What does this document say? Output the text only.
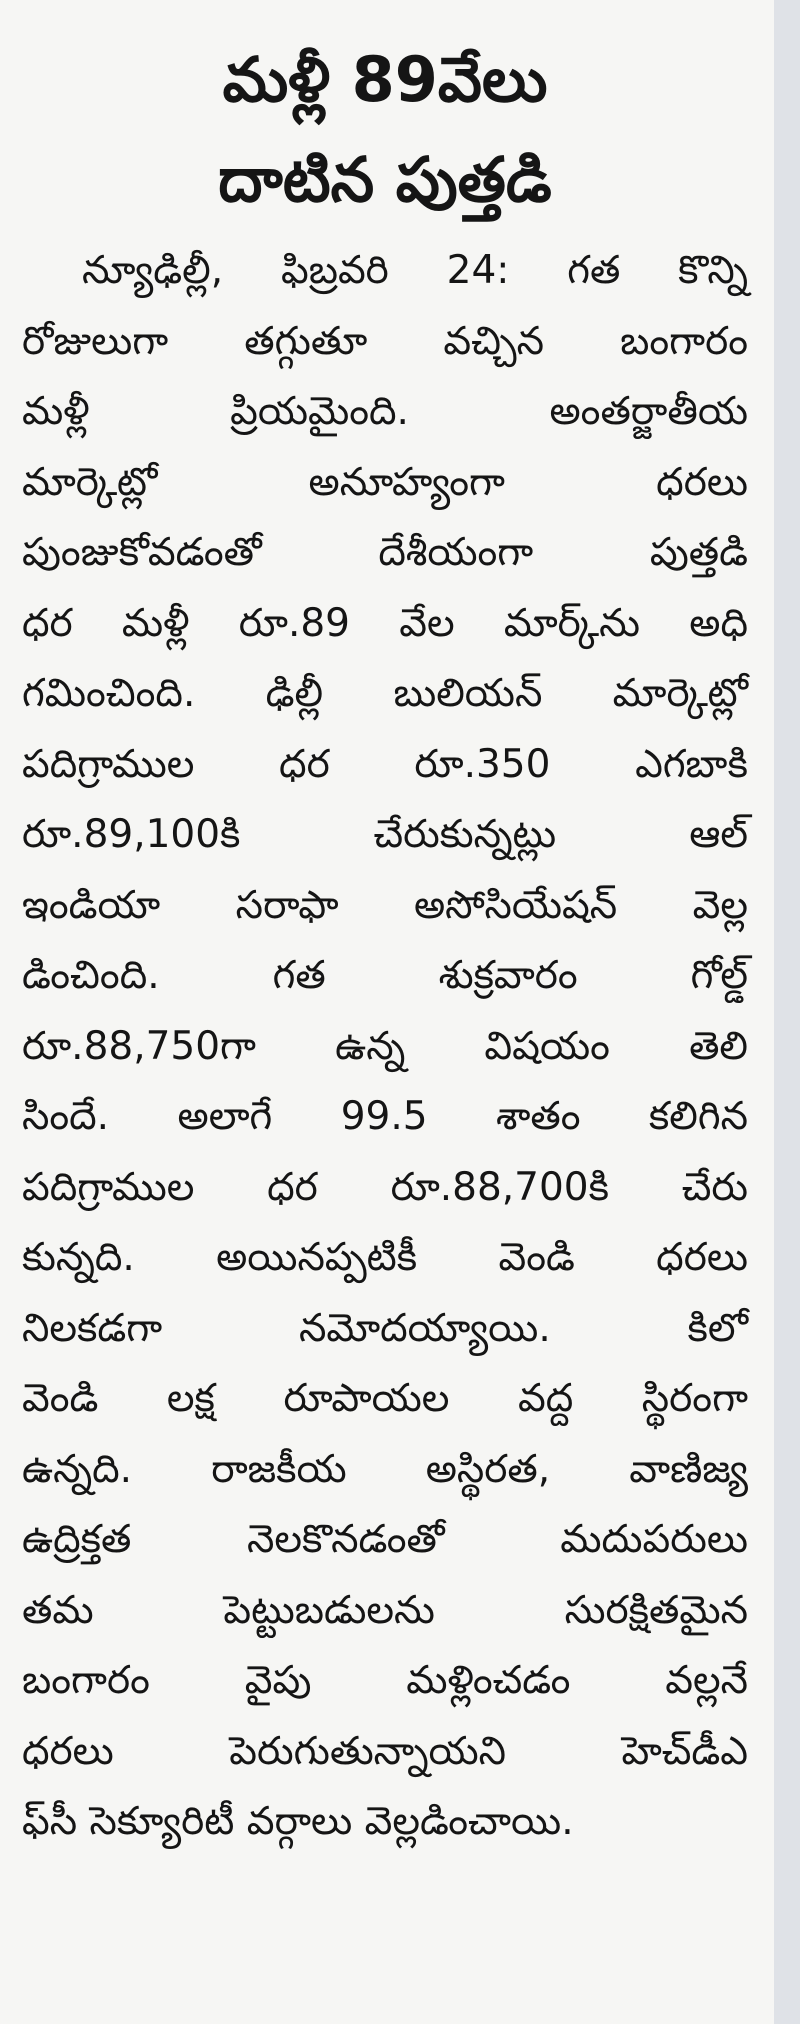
మళ్లీ 89వేలు
దాటిన పుత్తడి
న్యూఢిల్లీ, ఫిబ్రవరి 24: గత కొన్ని
రోజులుగా తగ్గుతూ వచ్చిన బంగారం
మళ్లీ ప్రియమైంది. అంతర్జాతీయ
మార్కెట్లో అనూహ్యంగా ధరలు
పుంజుకోవడంతో దేశీయంగా పుత్తడి
ధర మళ్లీ రూ.89 వేల మార్క్‌ను అధి
గమించింది. ఢిల్లీ బులియన్ మార్కెట్లో
పదిగ్రాముల ధర రూ.350 ఎగబాకి
రూ.89,100కి చేరుకున్నట్లు ఆల్
ఇండియా సరాఫా అసోసియేషన్ వెల్ల
డించింది. గత శుక్రవారం గోల్డ్
రూ.88,750గా ఉన్న విషయం తెలి
సిందే. అలాగే 99.5 శాతం కలిగిన
పదిగ్రాముల ధర రూ.88,700కి చేరు
కున్నది. అయినప్పటికీ వెండి ధరలు
నిలకడగా నమోదయ్యాయి. కిలో
వెండి లక్ష రూపాయల వద్ద స్థిరంగా
ఉన్నది. రాజకీయ అస్థిరత, వాణిజ్య
ఉద్రిక్తత నెలకొనడంతో మదుపరులు
తమ పెట్టుబడులను సురక్షితమైన
బంగారం వైపు మళ్లించడం వల్లనే
ధరలు పెరుగుతున్నాయని హెచ్‌డీఎ
ఫ్‌సీ సెక్యూరిటీ వర్గాలు వెల్లడించాయి.
